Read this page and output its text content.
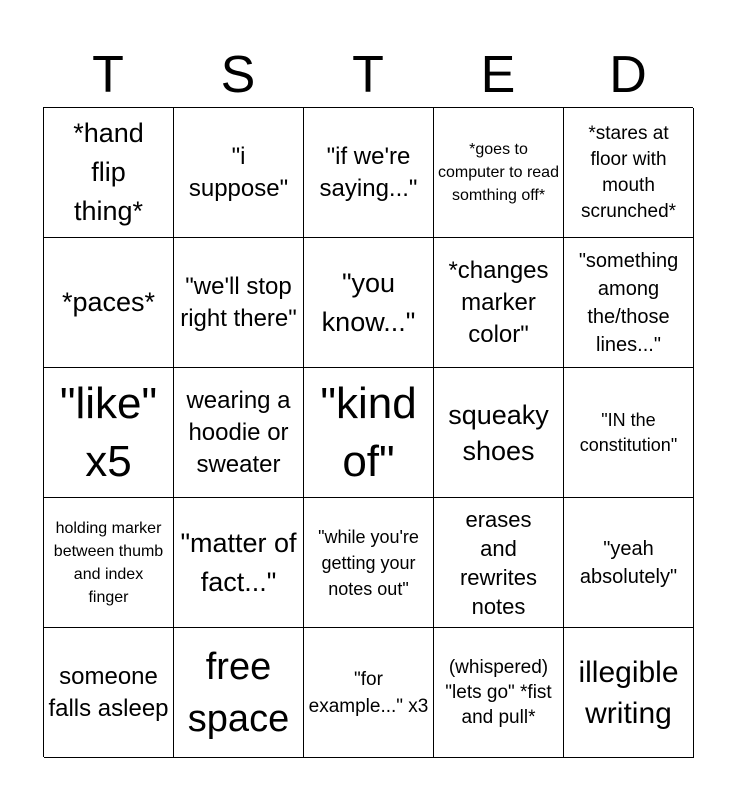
T	S	T	E	D
*hand flip thing*
"i suppose"
"if we're saying..."
*goes to computer to read somthing off*
*stares at floor with mouth scrunched*
*paces*
"we'll stop right there"
"you know..."
*changes marker color"
"something among the/those lines..."
"like" x5
wearing a hoodie or sweater
"kind of"
squeaky shoes
"IN the constitution"
holding marker between thumb and index finger
"matter of fact..."
"while you're getting your notes out"
erases and rewrites notes
"yeah absolutely"
someone falls asleep
free space
"for example..." x3
(whispered) "lets go" *fist and pull*
illegible writing
